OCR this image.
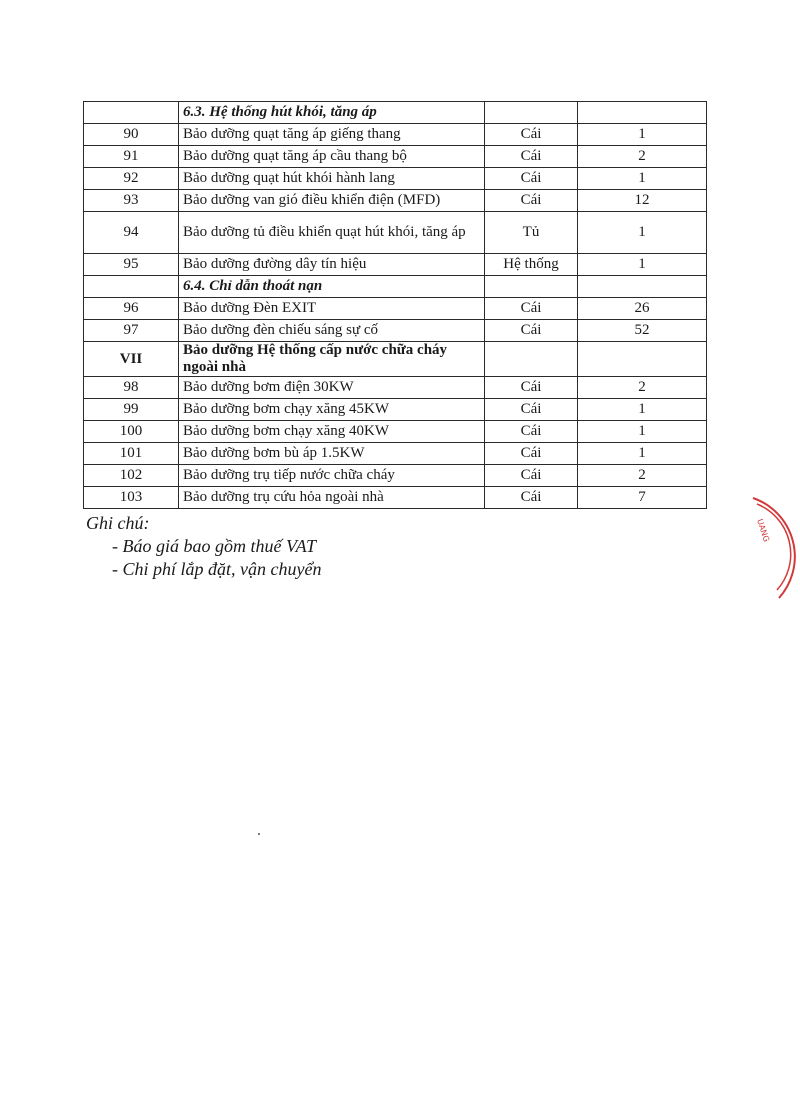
	6.3. Hệ thống hút khói, tăng áp		
90	Bảo dưỡng quạt tăng áp giếng thang	Cái	1
91	Bảo dưỡng quạt tăng áp cầu thang bộ	Cái	2
92	Bảo dưỡng quạt hút khói hành lang	Cái	1
93	Bảo dưỡng van gió điều khiển điện (MFD)	Cái	12
94	Bảo dưỡng tủ điều khiển quạt hút khói, tăng áp	Tủ	1
95	Bảo dưỡng đường dây tín hiệu	Hệ thống	1
	6.4. Chỉ dẫn thoát nạn		
96	Bảo dưỡng Đèn EXIT	Cái	26
97	Bảo dưỡng đèn chiếu sáng sự cố	Cái	52
VII	Bảo dưỡng Hệ thống cấp nước chữa cháy ngoài nhà		
98	Bảo dưỡng bơm điện 30KW	Cái	2
99	Bảo dưỡng bơm chạy xăng 45KW	Cái	1
100	Bảo dưỡng bơm chạy xăng 40KW	Cái	1
101	Bảo dưỡng bơm bù áp 1.5KW	Cái	1
102	Bảo dưỡng trụ tiếp nước chữa cháy	Cái	2
103	Bảo dưỡng trụ cứu hỏa ngoài nhà	Cái	7
Ghi chú:
- Báo giá bao gồm thuế VAT
- Chi phí lắp đặt, vận chuyển
UANG
